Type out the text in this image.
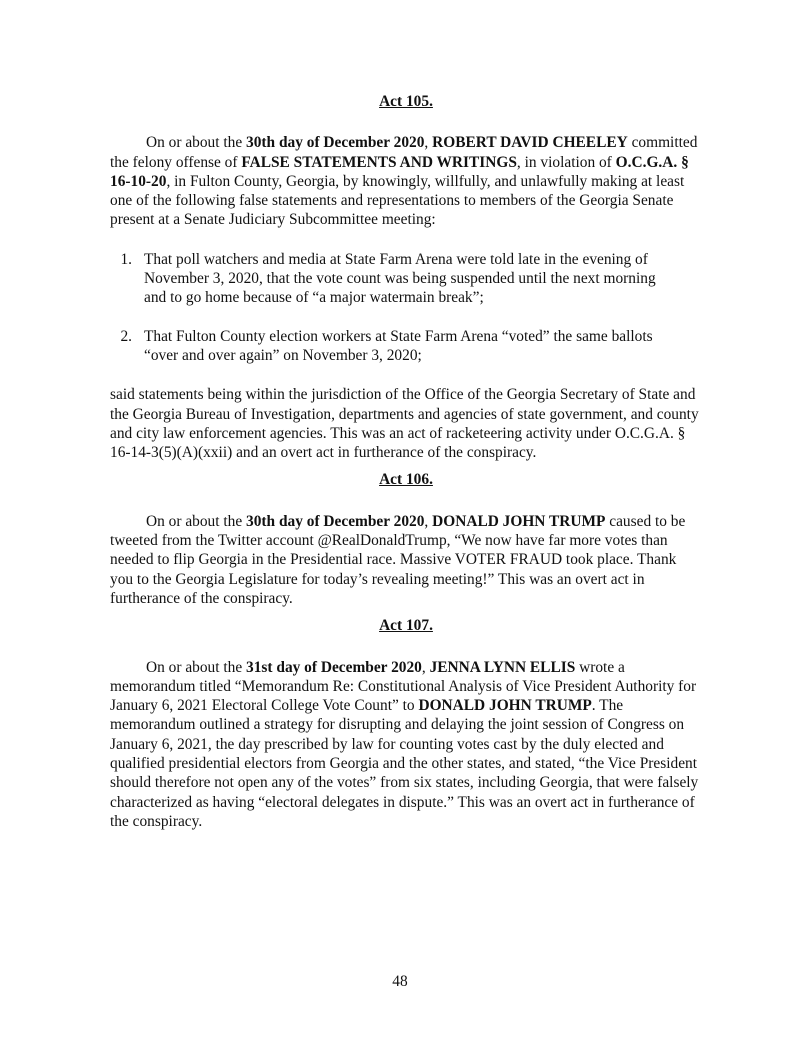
Act 105.

On or about the 30th day of December 2020, ROBERT DAVID CHEELEY committed the felony offense of FALSE STATEMENTS AND WRITINGS, in violation of O.C.G.A. § 16-10-20, in Fulton County, Georgia, by knowingly, willfully, and unlawfully making at least one of the following false statements and representations to members of the Georgia Senate present at a Senate Judiciary Subcommittee meeting:

1. That poll watchers and media at State Farm Arena were told late in the evening of November 3, 2020, that the vote count was being suspended until the next morning and to go home because of “a major watermain break”;
2. That Fulton County election workers at State Farm Arena “voted” the same ballots “over and over again” on November 3, 2020;

said statements being within the jurisdiction of the Office of the Georgia Secretary of State and the Georgia Bureau of Investigation, departments and agencies of state government, and county and city law enforcement agencies. This was an act of racketeering activity under O.C.G.A. § 16-14-3(5)(A)(xxii) and an overt act in furtherance of the conspiracy.

Act 106.

On or about the 30th day of December 2020, DONALD JOHN TRUMP caused to be tweeted from the Twitter account @RealDonaldTrump, “We now have far more votes than needed to flip Georgia in the Presidential race. Massive VOTER FRAUD took place. Thank you to the Georgia Legislature for today’s revealing meeting!” This was an overt act in furtherance of the conspiracy.

Act 107.

On or about the 31st day of December 2020, JENNA LYNN ELLIS wrote a memorandum titled “Memorandum Re: Constitutional Analysis of Vice President Authority for January 6, 2021 Electoral College Vote Count” to DONALD JOHN TRUMP. The memorandum outlined a strategy for disrupting and delaying the joint session of Congress on January 6, 2021, the day prescribed by law for counting votes cast by the duly elected and qualified presidential electors from Georgia and the other states, and stated, “the Vice President should therefore not open any of the votes” from six states, including Georgia, that were falsely characterized as having “electoral delegates in dispute.” This was an overt act in furtherance of the conspiracy.

48
